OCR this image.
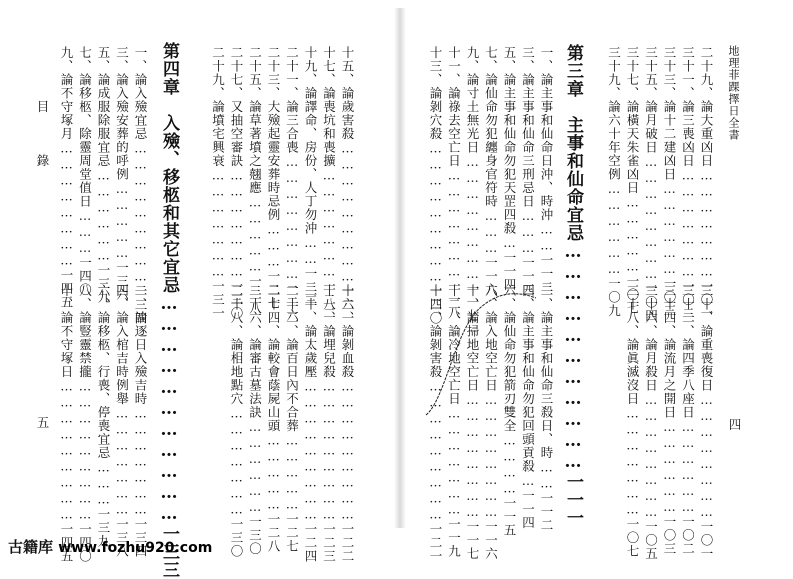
目
錄
五
一、論入殮宜忌………………………一三四
三、論入殮安葬的呼例……………一三六
五、論成服除服宜忌………………一三九
七、論移柩、除靈周堂值日………一四〇
九、論不守塚月……………………一四五
二、論逐日入殮吉時…………………一三四
四、論入棺吉時例舉…………………一三八
六、論移柩、行喪、停喪宜忌………一三九
八、論豎靈禁攏………………………一四〇
十、論不守塚日………………………一四五	第四章　入殮、移柩和其它宜忌……………………………一三三	十五、論歲害殺………………………一二一
十七、論喪坑和喪擴…………………一二二
十九、論譯命、房份、人丁勿沖……一二三
二十一、論三合喪……………………一二六
二十三、大殮起靈安葬時忌例………一二七
二十五、論草著墳之翹應……………一二八
二十七、又抽空審訣…………………一三〇
二十九、論墳宅興衰…………………一三一
十六、論剝血殺………………………一二二
十八、論埋兒殺………………………一二三
二十、論太歲壓………………………一二四
二十二、論百日內不合葬……………一二七
二十四、論較會蔭屍山頭……………一二八
二十六、論審古墓法訣………………一三〇
二十八、論相地點穴…………………一三〇
地理菲踝擇日全書
四
二十九、論大重凶日…………………一〇一
三十一、論三喪凶日…………………一〇二
三十三、論十二建凶日………………一〇三
三十五、論月破日……………………一〇四
三十七、論橫天朱雀凶日……………一〇七
三十九、論六十年空例………………一〇九
三十、論重喪復日……………………一〇一
三十二、論四季八座日………………一〇二
三十四、論流月之開日………………一〇三
三十六、論月殺日……………………一〇五
三十八、論眞滅沒日…………………一〇七
第三章　主事和仙命宜忌……………………………一一一
一、論主事和仙命日沖、時沖……一一二
三、論主事和仙命三刑忌日………一一三
五、論主事和仙命勿犯天罡四殺…一一四
七、論仙命勿犯纏身官符時………一一六
九、論寸土無光日……………………一一七
十一、論祿去空亡日…………………一一八
十三、論剝穴殺………………………一二〇
二、論主事和仙命三殺日、時……一一二
四、論主事和仙命勿犯回頭貢殺…一一四
六、論仙命勿犯箭刃雙全…………一一五
八、論入地空亡日……………………一一六
十、論掃地空亡日……………………一一七
十二、論冷地空亡日…………………一一九
十四、論剝害殺………………………一二一
古籍库 www.fozhu920.com
